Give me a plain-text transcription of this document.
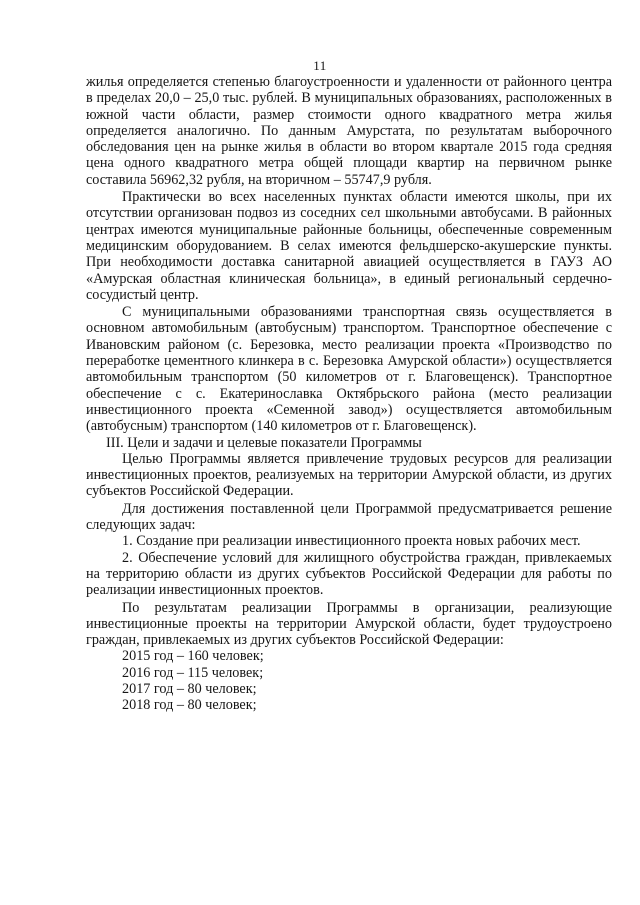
11

жилья определяется степенью благоустроенности и удаленности от районного центра в пределах 20,0 – 25,0 тыс. рублей. В муниципальных образованиях, расположенных в южной части области, размер стоимости одного квадратного метра жилья определяется аналогично. По данным Амурстата, по результатам выборочного обследования цен на рынке жилья в области во втором квартале 2015 года средняя цена одного квадратного метра общей площади квартир на первичном рынке составила 56962,32 рубля, на вторичном – 55747,9 рубля.

Практически во всех населенных пунктах области имеются школы, при их отсутствии организован подвоз из соседних сел школьными автобусами. В районных центрах имеются муниципальные районные больницы, обеспеченные современным медицинским оборудованием. В селах имеются фельдшерско-акушерские пункты. При необходимости доставка санитарной авиацией осуществляется в ГАУЗ АО «Амурская областная клиническая больница», в единый региональный сердечно-сосудистый центр.

С муниципальными образованиями транспортная связь осуществляется в основном автомобильным (автобусным) транспортом. Транспортное обеспечение с Ивановским районом (с. Березовка, место реализации проекта «Производство по переработке цементного клинкера в с. Березовка Амурской области») осуществляется автомобильным транспортом (50 километров от г. Благовещенск). Транспортное обеспечение с с. Екатеринославка Октябрьского района (место реализации инвестиционного проекта «Семенной завод») осуществляется автомобильным (автобусным) транспортом (140 километров от г. Благовещенск).

III. Цели и задачи и целевые показатели Программы

Целью Программы является привлечение трудовых ресурсов для реализации инвестиционных проектов, реализуемых на территории Амурской области, из других субъектов Российской Федерации.

Для достижения поставленной цели Программой предусматривается решение следующих задач:

1. Создание при реализации инвестиционного проекта новых рабочих мест.

2. Обеспечение условий для жилищного обустройства граждан, привлекаемых на территорию области из других субъектов Российской Федерации для работы по реализации инвестиционных проектов.

По результатам реализации Программы в организации, реализующие инвестиционные проекты на территории Амурской области, будет трудоустроено граждан, привлекаемых из других субъектов Российской Федерации:

2015 год – 160 человек;
2016 год – 115 человек;
2017 год – 80 человек;
2018 год – 80 человек;
